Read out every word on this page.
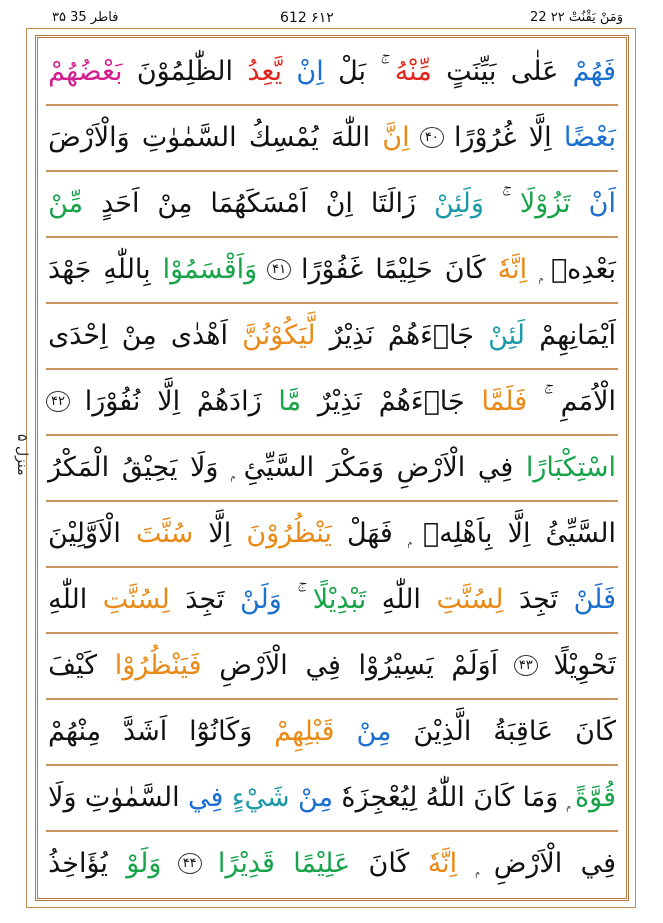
۳۵ فاطر 35	612 ۶۱۲	22 وَمَنْ يَقْنُتْ ۲۲
منزل ۵
فَهُمْ
عَلٰى
بَيِّنَتٍ
مِّنْهُ
بَلْ
اِنْ
يَّعِدُ
الظّٰلِمُوْنَ
بَعْضُهُمْ
بَعْضًا
اِلَّا
غُرُوْرًا
۴۰
اِنَّ
اللّٰهَ
يُمْسِكُ
السَّمٰوٰتِ
وَالْاَرْضَ
اَنْ
تَزُوْلَا
وَلَئِنْ
زَالَتَا
اِنْ
اَمْسَكَهُمَا
مِنْ
اَحَدٍ
مِّنْ
بَعْدِهٖ
اِنَّهٗ
كَانَ
حَلِيْمًا
غَفُوْرًا
۴۱
وَاَقْسَمُوْا
بِاللّٰهِ
جَهْدَ
اَيْمَانِهِمْ
لَئِنْ
جَاۗءَهُمْ
نَذِيْرٌ
لَّيَكُوْنُنَّ
اَهْدٰى
مِنْ
اِحْدَى
الْاُمَمِ
فَلَمَّا
جَاۗءَهُمْ
نَذِيْرٌ
مَّا
زَادَهُمْ
اِلَّا
نُفُوْرَا
۴۲
اسْتِكْبَارًا
فِي
الْاَرْضِ
وَمَكْرَ
السَّيِّئِ
وَلَا
يَحِيْقُ
الْمَكْرُ
السَّيِّئُ
اِلَّا
بِاَهْلِهٖ
فَهَلْ
يَنْظُرُوْنَ
اِلَّا
سُنَّتَ
الْاَوَّلِيْنَ
فَلَنْ
تَجِدَ
لِسُنَّتِ
اللّٰهِ
تَبْدِيْلًا
وَلَنْ
تَجِدَ
لِسُنَّتِ
اللّٰهِ
تَحْوِيْلًا
۴۳
اَوَلَمْ
يَسِيْرُوْا
فِي
الْاَرْضِ
فَيَنْظُرُوْا
كَيْفَ
كَانَ
عَاقِبَةُ
الَّذِيْنَ
مِنْ
قَبْلِهِمْ
وَكَانُوْٓا
اَشَدَّ
مِنْهُمْ
قُوَّةً
وَمَا
كَانَ
اللّٰهُ
لِيُعْجِزَهٗ
مِنْ
شَيْءٍ
فِي
السَّمٰوٰتِ
وَلَا
فِي
الْاَرْضِ
اِنَّهٗ
كَانَ
عَلِيْمًا
قَدِيْرًا
۴۴
وَلَوْ
يُؤَاخِذُ
